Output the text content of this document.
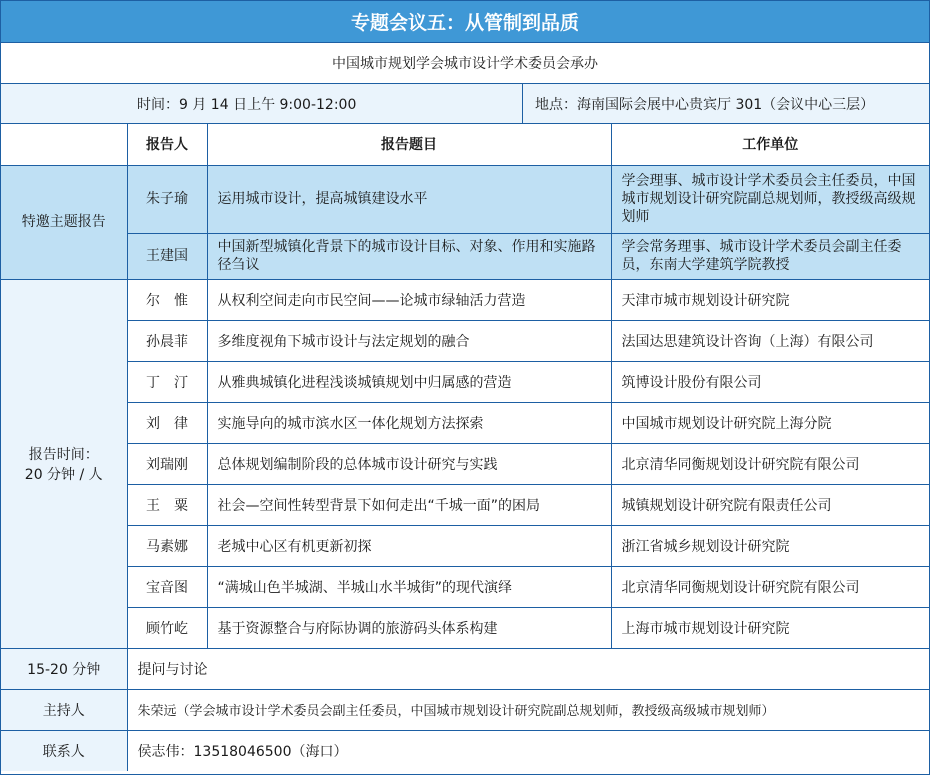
专题会议五：从管制到品质
中国城市规划学会城市设计学术委员会承办
时间：9 月 14 日上午 9:00-12:00	地点：海南国际会展中心贵宾厅 301（会议中心三层）
	报告人	报告题目	工作单位
特邀主题报告	朱子瑜	运用城市设计，提高城镇建设水平	学会理事、城市设计学术委员会主任委员，中国城市规划设计研究院副总规划师，教授级高级规划师
	王建国	中国新型城镇化背景下的城市设计目标、对象、作用和实施路径刍议	学会常务理事、城市设计学术委员会副主任委员，东南大学建筑学院教授

报告时间：
20 分钟 / 人	尔　惟	从权利空间走向市民空间——论城市绿轴活力营造	天津市城市规划设计研究院
	孙晨菲	多维度视角下城市设计与法定规划的融合	法国达思建筑设计咨询（上海）有限公司
	丁　汀	从雅典城镇化进程浅谈城镇规划中归属感的营造	筑博设计股份有限公司
	刘　律	实施导向的城市滨水区一体化规划方法探索	中国城市规划设计研究院上海分院
	刘瑞刚	总体规划编制阶段的总体城市设计研究与实践	北京清华同衡规划设计研究院有限公司
	王　粟	社会—空间性转型背景下如何走出“千城一面”的困局	城镇规划设计研究院有限责任公司
	马素娜	老城中心区有机更新初探	浙江省城乡规划设计研究院
	宝音图	“满城山色半城湖、半城山水半城街”的现代演绎	北京清华同衡规划设计研究院有限公司
	顾竹屹	基于资源整合与府际协调的旅游码头体系构建	上海市城市规划设计研究院
15-20 分钟	提问与讨论		
主持人	朱荣远（学会城市设计学术委员会副主任委员，中国城市规划设计研究院副总规划师，教授级高级城市规划师）		
联系人	侯志伟：13518046500（海口）		
